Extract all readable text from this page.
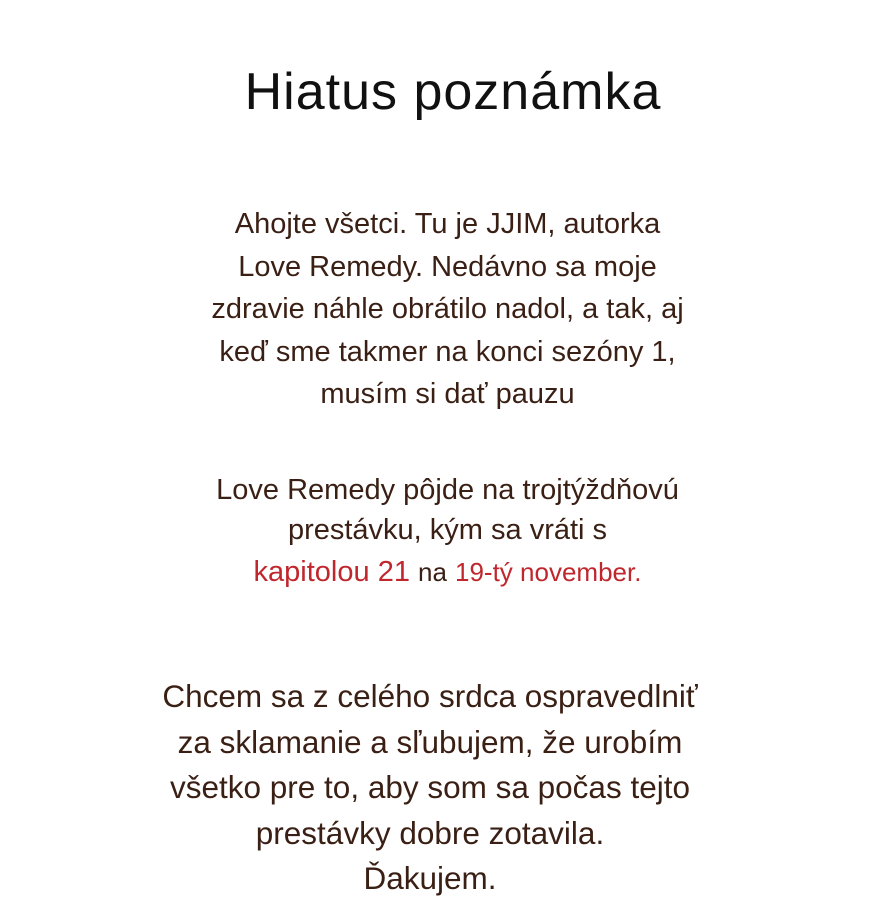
Hiatus poznámka

Ahojte všetci. Tu je JJIM, autorka
Love Remedy. Nedávno sa moje
zdravie náhle obrátilo nadol, a tak, aj
keď sme takmer na konci sezóny 1,
musím si dať pauzu

Love Remedy pôjde na trojtýždňovú
prestávku, kým sa vráti s
kapitolou 21 na 19-tý november.

Chcem sa z celého srdca ospravedlniť
za sklamanie a sľubujem, že urobím
všetko pre to, aby som sa počas tejto
prestávky dobre zotavila.
Ďakujem.
